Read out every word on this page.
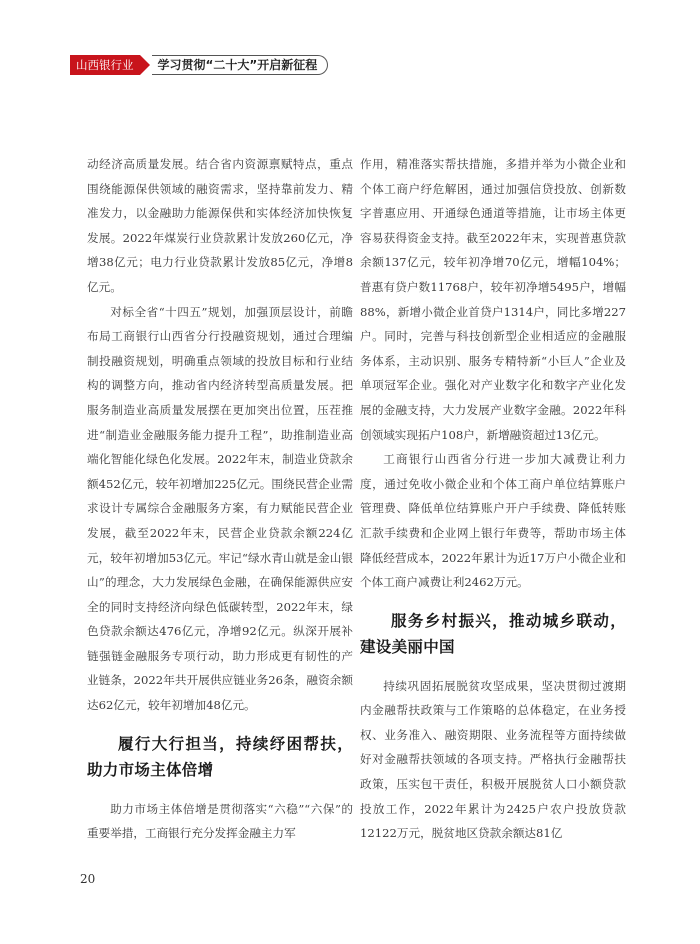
山西银行业	学习贯彻“二十大”开启新征程

动经济高质量发展。结合省内资源禀赋特点，重点围绕能源保供领域的融资需求，坚持靠前发力、精准发力，以金融助力能源保供和实体经济加快恢复发展。2022年煤炭行业贷款累计发放260亿元，净增38亿元；电力行业贷款累计发放85亿元，净增8亿元。

对标全省“十四五”规划，加强顶层设计，前瞻布局工商银行山西省分行投融资规划，通过合理编制投融资规划，明确重点领域的投放目标和行业结构的调整方向，推动省内经济转型高质量发展。把服务制造业高质量发展摆在更加突出位置，压茬推进“制造业金融服务能力提升工程”，助推制造业高端化智能化绿色化发展。2022年末，制造业贷款余额452亿元，较年初增加225亿元。围绕民营企业需求设计专属综合金融服务方案，有力赋能民营企业发展，截至2022年末，民营企业贷款余额224亿元，较年初增加53亿元。牢记“绿水青山就是金山银山”的理念，大力发展绿色金融，在确保能源供应安全的同时支持经济向绿色低碳转型，2022年末，绿色贷款余额达476亿元，净增92亿元。纵深开展补链强链金融服务专项行动，助力形成更有韧性的产业链条，2022年共开展供应链业务26条，融资余额达62亿元，较年初增加48亿元。

履行大行担当，持续纾困帮扶，助力市场主体倍增

助力市场主体倍增是贯彻落实“六稳”“六保”的重要举措，工商银行充分发挥金融主力军

作用，精准落实帮扶措施，多措并举为小微企业和个体工商户纾危解困，通过加强信贷投放、创新数字普惠应用、开通绿色通道等措施，让市场主体更容易获得资金支持。截至2022年末，实现普惠贷款余额137亿元，较年初净增70亿元，增幅104%；普惠有贷户数11768户，较年初净增5495户，增幅88%，新增小微企业首贷户1314户，同比多增227户。同时，完善与科技创新型企业相适应的金融服务体系，主动识别、服务专精特新“小巨人”企业及单项冠军企业。强化对产业数字化和数字产业化发展的金融支持，大力发展产业数字金融。2022年科创领域实现拓户108户，新增融资超过13亿元。

工商银行山西省分行进一步加大减费让利力度，通过免收小微企业和个体工商户单位结算账户管理费、降低单位结算账户开户手续费、降低转账汇款手续费和企业网上银行年费等，帮助市场主体降低经营成本，2022年累计为近17万户小微企业和个体工商户减费让利2462万元。

服务乡村振兴，推动城乡联动，建设美丽中国

持续巩固拓展脱贫攻坚成果，坚决贯彻过渡期内金融帮扶政策与工作策略的总体稳定，在业务授权、业务准入、融资期限、业务流程等方面持续做好对金融帮扶领域的各项支持。严格执行金融帮扶政策，压实包干责任，积极开展脱贫人口小额贷款投放工作，2022年累计为2425户农户投放贷款12122万元，脱贫地区贷款余额达81亿

20
